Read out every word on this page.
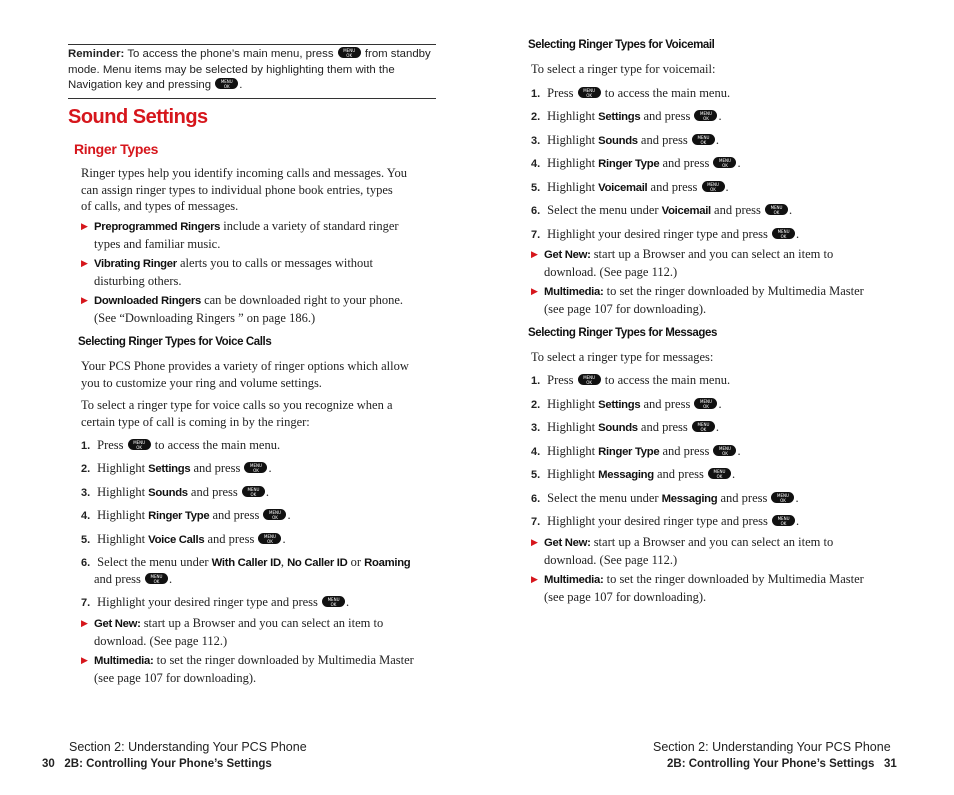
Reminder: To access the phone’s main menu, press MENU OK	from standby
mode. Menu items may be selected by highlighting them with the
Navigation key and pressing MENU OK .
Sound Settings
Ringer Types
Ringer types help you identify incoming calls and messages. You
can assign ringer types to individual phone book entries, types
of calls, and types of messages.
▶ Preprogrammed Ringers include a variety of standard ringer
types and familiar music.
▶ Vibrating Ringer alerts you to calls or messages without
disturbing others.
▶ Downloaded Ringers can be downloaded right to your phone.
(See “Downloading Ringers ” on page 186.)
Selecting Ringer Types for Voice Calls
Your PCS Phone provides a variety of ringer options which allow
you to customize your ring and volume settings.
To select a ringer type for voice calls so you recognize when a
certain type of call is coming in by the ringer:
1. Press MENU OK	to access the main menu.
2. Highlight Settings and press MENU OK .
3. Highlight Sounds and press MENU OK .
4. Highlight Ringer Type and press MENU OK .
5. Highlight Voice Calls and press MENU OK .
6. Select the menu under With Caller ID, No Caller ID or Roaming
and press MENU OK .
7. Highlight your desired ringer type and press MENU OK .
▶ Get New: start up a Browser and you can select an item to
download. (See page 112.)
▶ Multimedia: to set the ringer downloaded by Multimedia Master
(see page 107 for downloading).
Selecting Ringer Types for Voicemail
To select a ringer type for voicemail:
1. Press MENU OK	to access the main menu.
2. Highlight Settings and press MENU OK .
3. Highlight Sounds and press MENU OK .
4. Highlight Ringer Type and press MENU OK .
5. Highlight Voicemail and press MENU OK .
6. Select the menu under Voicemail and press MENU OK .
7. Highlight your desired ringer type and press MENU OK .
▶ Get New: start up a Browser and you can select an item to
download. (See page 112.)
▶ Multimedia: to set the ringer downloaded by Multimedia Master
(see page 107 for downloading).
Selecting Ringer Types for Messages
To select a ringer type for messages:
1. Press MENU OK	to access the main menu.
2. Highlight Settings and press MENU OK .
3. Highlight Sounds and press MENU OK .
4. Highlight Ringer Type and press MENU OK .
5. Highlight Messaging and press MENU OK .
6. Select the menu under Messaging and press MENU OK .
7. Highlight your desired ringer type and press MENU OK .
▶ Get New: start up a Browser and you can select an item to
download. (See page 112.)
▶ Multimedia: to set the ringer downloaded by Multimedia Master
(see page 107 for downloading).
Section 2: Understanding Your PCS Phone
30 2B: Controlling Your Phone’s Settings
Section 2: Understanding Your PCS Phone
2B: Controlling Your Phone’s Settings 31
